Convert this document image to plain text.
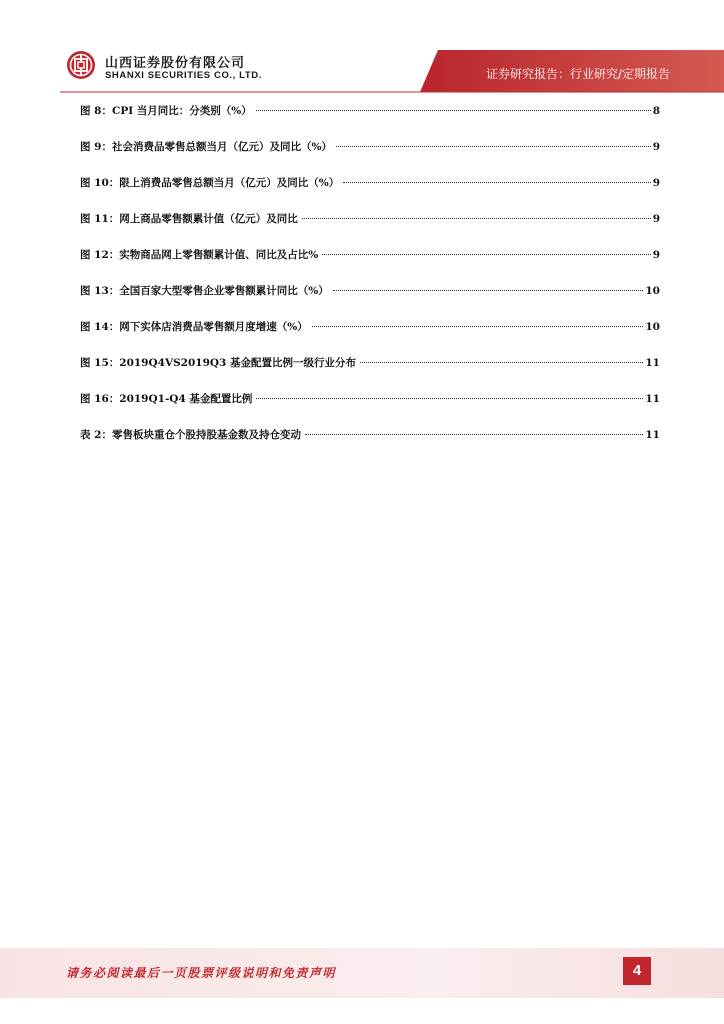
山西证券股份有限公司
SHANXI SECURITIES CO., LTD.	证券研究报告：行业研究/定期报告
图 8：CPI 当月同比：分类别（%）	8
图 9：社会消费品零售总额当月（亿元）及同比（%）	9
图 10：限上消费品零售总额当月（亿元）及同比（%）	9
图 11：网上商品零售额累计值（亿元）及同比	9
图 12：实物商品网上零售额累计值、同比及占比%	9
图 13：全国百家大型零售企业零售额累计同比（%）	10
图 14：网下实体店消费品零售额月度增速（%）	10
图 15：2019Q4VS2019Q3 基金配置比例一级行业分布	11
图 16：2019Q1-Q4 基金配置比例	11
表 2：零售板块重仓个股持股基金数及持仓变动	11
请务必阅读最后一页股票评级说明和免责声明	4
